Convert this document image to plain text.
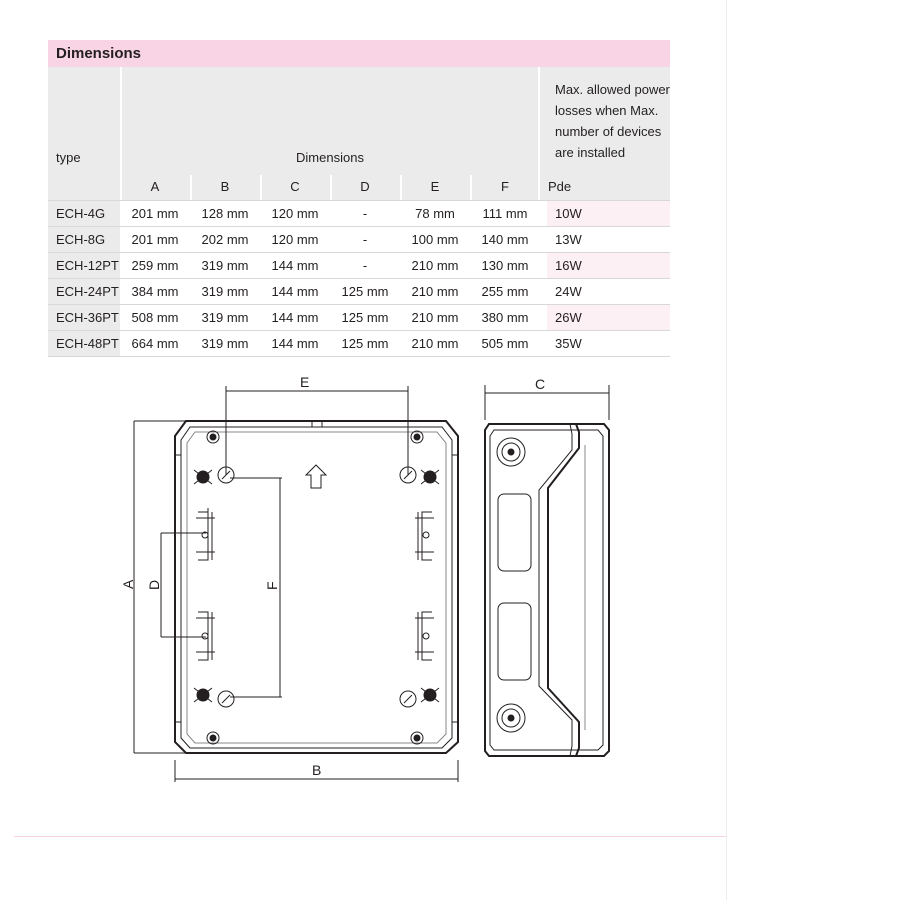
Dimensions
type	Dimensions
Max. allowed power losses when Max. number of devices are installed
A	B	C	D	E	F	Pde
ECH-4G	201 mm	128 mm	120 mm	-	78 mm	111 mm	10W
ECH-8G	201 mm	202 mm	120 mm	-	100 mm	140 mm	13W
ECH-12PT 259 mm	319 mm	144 mm	-	210 mm	130 mm	16W
ECH-24PT 384 mm	319 mm	144 mm	125 mm	210 mm	255 mm	24W
ECH-36PT 508 mm	319 mm	144 mm	125 mm	210 mm	380 mm	26W
ECH-48PT 664 mm	319 mm	144 mm	125 mm	210 mm	505 mm	35W
E	C
B
A D	F
